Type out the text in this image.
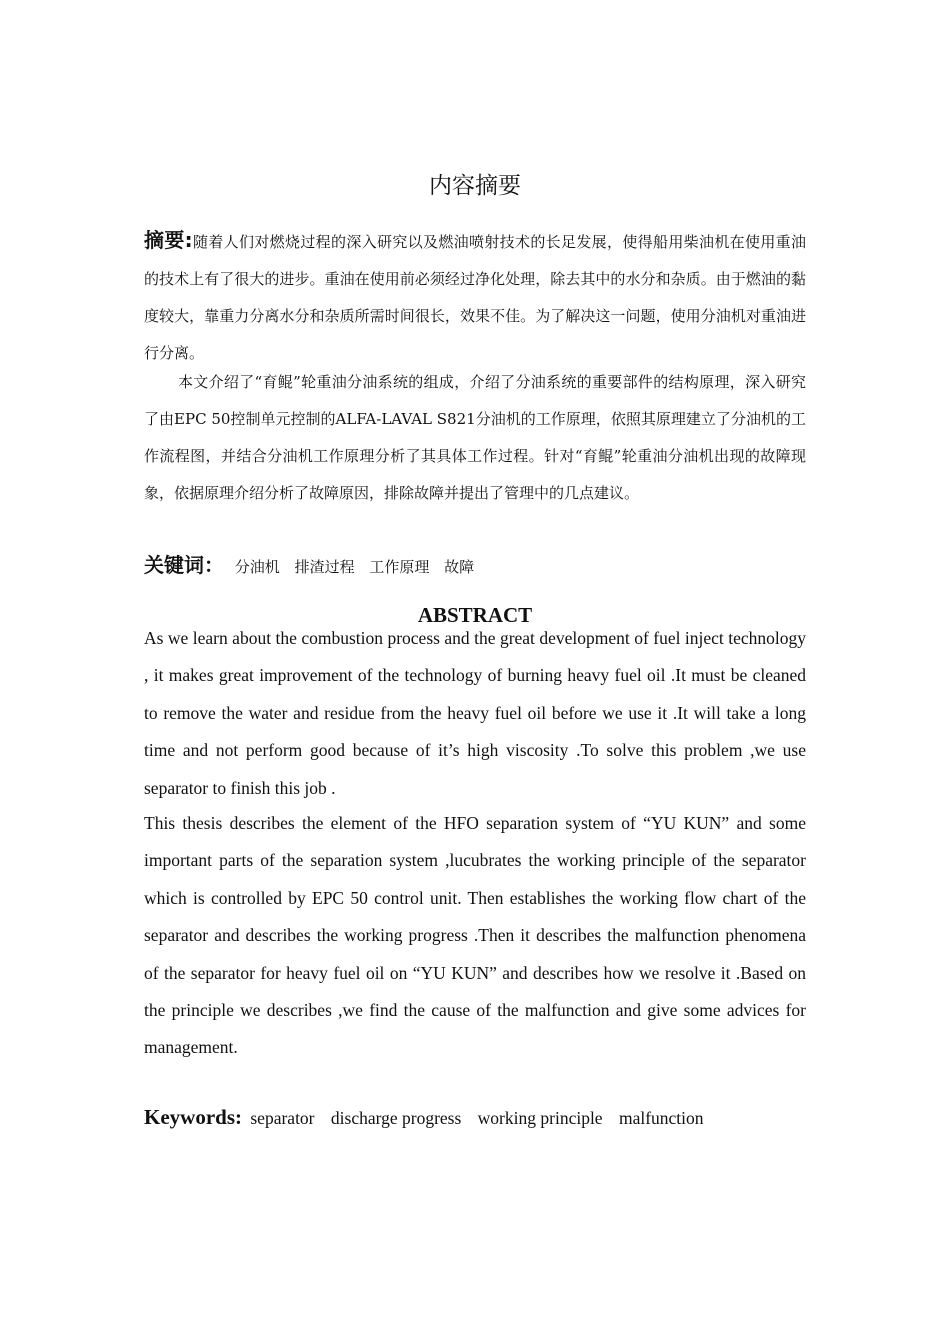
内容摘要

摘要:随着人们对燃烧过程的深入研究以及燃油喷射技术的长足发展，使得船用柴油机在使用重油的技术上有了很大的进步。重油在使用前必须经过净化处理，除去其中的水分和杂质。由于燃油的黏度较大，靠重力分离水分和杂质所需时间很长，效果不佳。为了解决这一问题，使用分油机对重油进行分离。

本文介绍了“育鲲”轮重油分油系统的组成，介绍了分油系统的重要部件的结构原理，深入研究了由EPC 50控制单元控制的ALFA-LAVAL S821分油机的工作原理，依照其原理建立了分油机的工作流程图，并结合分油机工作原理分析了其具体工作过程。针对“育鲲”轮重油分油机出现的故障现象，依据原理介绍分析了故障原因，排除故障并提出了管理中的几点建议。

关键词： 分油机 排渣过程 工作原理 故障
ABSTRACT

As we learn about the combustion process and the great development of fuel inject technology , it makes great improvement of the technology of burning heavy fuel oil .It must be cleaned to remove the water and residue from the heavy fuel oil before we use it .It will take a long time and not perform good because of it’s high viscosity .To solve this problem ,we use separator to finish this job .

This thesis describes the element of the HFO separation system of “YU KUN” and some important parts of the separation system ,lucubrates the working principle of the separator which is controlled by EPC 50 control unit. Then establishes the working flow chart of the separator and describes the working progress .Then it describes the malfunction phenomena of the separator for heavy fuel oil on “YU KUN” and describes how we resolve it .Based on the principle we describes ,we find the cause of the malfunction and give some advices for management.

Keywords: separator discharge progress working principle malfunction
